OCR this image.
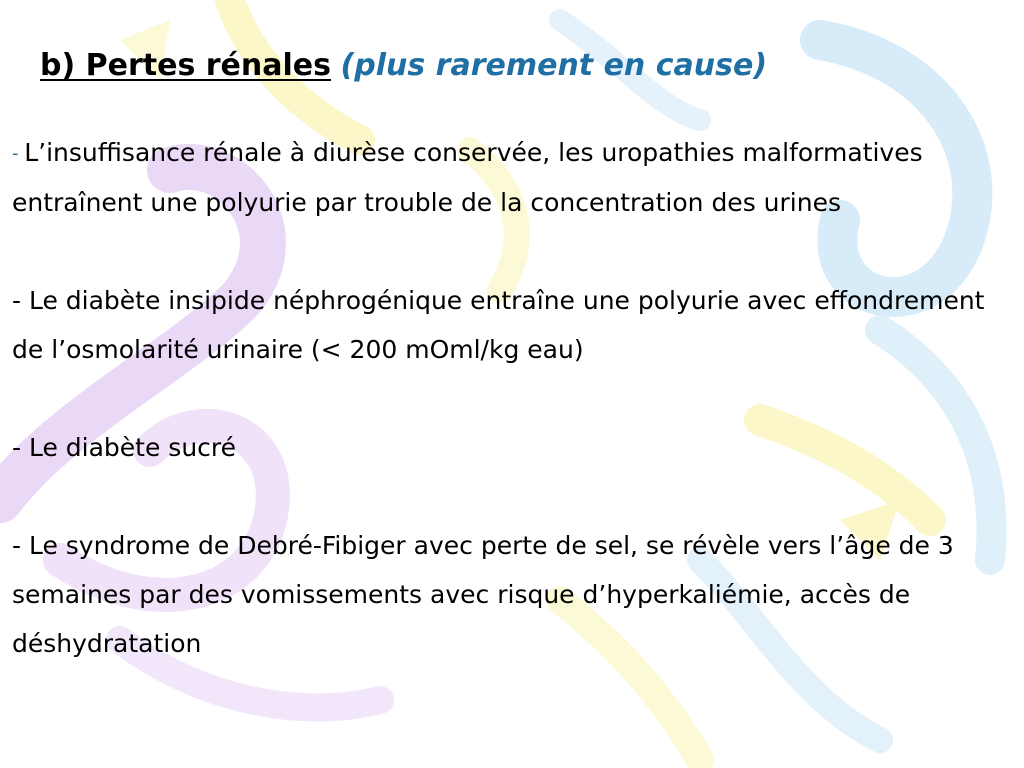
b) Pertes rénales (plus rarement en cause)

- L’insuffisance rénale à diurèse conservée, les uropathies malformatives entraînent une polyurie par trouble de la concentration des urines

- Le diabète insipide néphrogénique entraîne une polyurie avec effondrement de l’osmolarité urinaire (< 200 mOml/kg eau)

- Le diabète sucré

- Le syndrome de Debré-Fibiger avec perte de sel, se révèle vers l’âge de 3 semaines par des vomissements avec risque d’hyperkaliémie, accès de déshydratation
